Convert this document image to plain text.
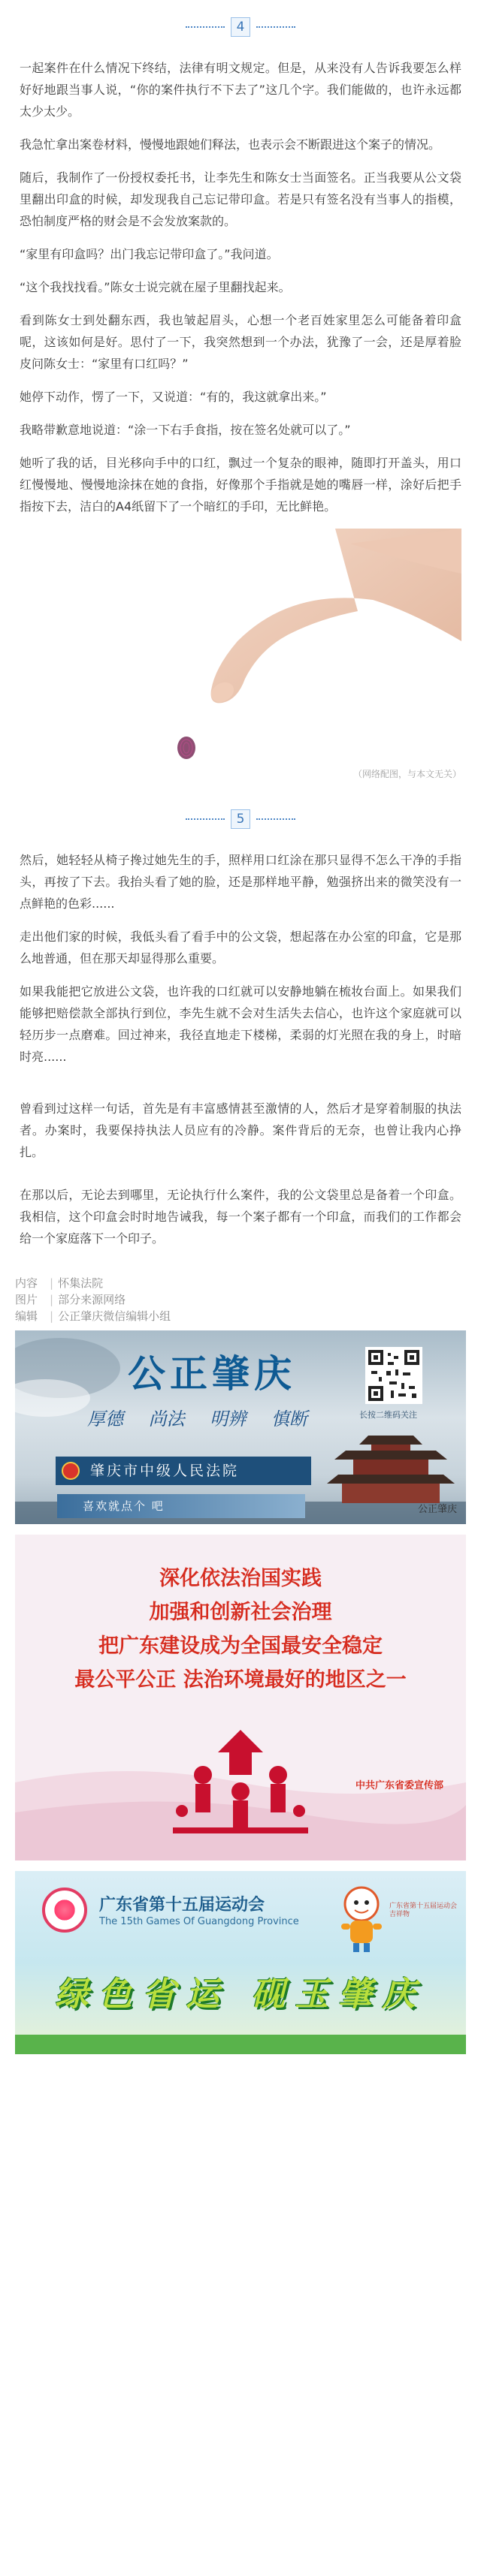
4

一起案件在什么情况下终结，法律有明文规定。但是，从来没有人告诉我要怎么样好好地跟当事人说，“你的案件执行不下去了”这几个字。我们能做的，也许永远都太少太少。

我急忙拿出案卷材料，慢慢地跟她们释法，也表示会不断跟进这个案子的情况。

随后，我制作了一份授权委托书，让李先生和陈女士当面签名。正当我要从公文袋里翻出印盒的时候，却发现我自己忘记带印盒。若是只有签名没有当事人的指模，恐怕制度严格的财会是不会发放案款的。

“家里有印盒吗？出门我忘记带印盒了。”我问道。

“这个我找找看。”陈女士说完就在屋子里翻找起来。

看到陈女士到处翻东西，我也皱起眉头，心想一个老百姓家里怎么可能备着印盒呢，这该如何是好。思付了一下，我突然想到一个办法，犹豫了一会，还是厚着脸皮问陈女士：“家里有口红吗？”

她停下动作，愣了一下，又说道：“有的，我这就拿出来。”

我略带歉意地说道：“涂一下右手食指，按在签名处就可以了。”

她听了我的话，目光移向手中的口红，飘过一个复杂的眼神，随即打开盖头，用口红慢慢地、慢慢地涂抹在她的食指，好像那个手指就是她的嘴唇一样，涂好后把手指按下去，洁白的A4纸留下了一个暗红的手印，无比鲜艳。

（网络配图，与本文无关）
5

然后，她轻轻从椅子搀过她先生的手，照样用口红涂在那只显得不怎么干净的手指头，再按了下去。我抬头看了她的脸，还是那样地平静，勉强挤出来的微笑没有一点鲜艳的色彩......

走出他们家的时候，我低头看了看手中的公文袋，想起落在办公室的印盒，它是那么地普通，但在那天却显得那么重要。

如果我能把它放进公文袋，也许我的口红就可以安静地躺在梳妆台面上。如果我们能够把赔偿款全部执行到位，李先生就不会对生活失去信心，也许这个家庭就可以轻历步一点磨难。回过神来，我径直地走下楼梯，柔弱的灯光照在我的身上，时暗时亮......

曾看到过这样一句话，首先是有丰富感情甚至激情的人，然后才是穿着制服的执法者。办案时，我要保持执法人员应有的冷静。案件背后的无奈，也曾让我内心挣扎。

在那以后，无论去到哪里，无论执行什么案件，我的公文袋里总是备着一个印盒。我相信，这个印盒会时时地告诫我，每一个案子都有一个印盒，而我们的工作都会给一个家庭落下一个印子。

内容	| 怀集法院
图片	| 部分来源网络
编辑	| 公正肇庆微信编辑小组
公正肇庆
厚德 尚法 明辨 慎断
肇庆市中级人民法院
喜欢就点个 吧
长按二维码关注
公正肇庆
深化依法治国实践
加强和创新社会治理
把广东建设成为全国最安全稳定
最公平公正 法治环境最好的地区之一
中共广东省委宣传部
广东省第十五届运动会
The 15th Games Of Guangdong Province
广东省第十五届运动会吉祥物
绿色省运 砚玉肇庆
